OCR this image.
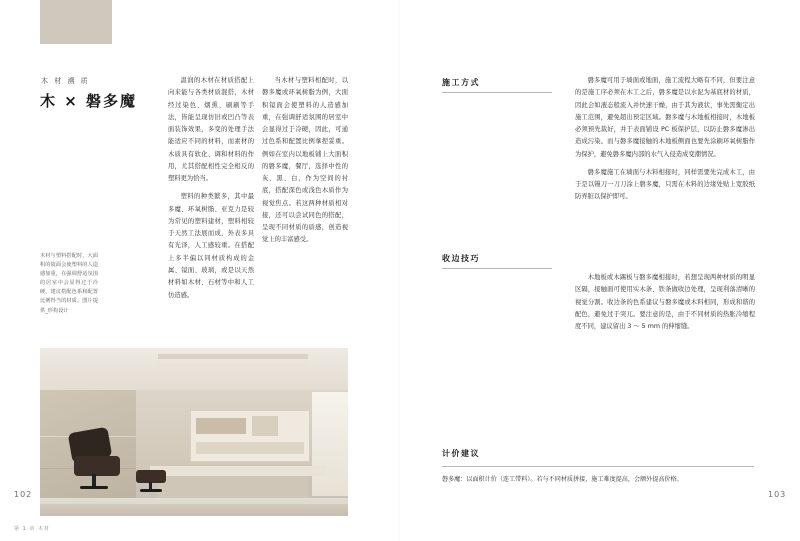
木 材 溯 质
木 × 磐多魔
木材与塑料搭配时，大面积的镜面会使塑料的人造感加重，在强调舒适氛围的居室中会显得过于冷硬，建议搭配色系和配置比例得当的材质。图片提供_形构设计

温润的木材在材质搭配上向来能与各类材质混搭，木材经过染色、烟熏、刷刷等手法，皆能呈现仿旧或凹凸等表面装饰效果，多变的处理手法能适应不同的材料，而素材的木质具有软化、调和材料的作用，尤其搭配相性完全相反的塑料更为恰当。

塑料的种类繁多，其中最多魔、环氧树脂、亚克力是较为常见的塑料建材，塑料相较于天然工法展而成，外表多具有光泽，人工感较重。在搭配上多半偏以同材质构成的金属、镜面、玻璃，或是以天然材料如木材、石材等中和人工仿造感。

当木材与塑料相配时，以磐多魔或环氧树脂为例，大面积镜面会使塑料的人造感加重，在强调舒适氛围的居室中会显得过于冷硬，因此，可通过色系和配置比例拿捏妥重。例如在室内以地板铺上大面积的磐多魔，餐厅，选择中性的灰、黑、白，作为空间的衬底，搭配深色或浅色木质作为视觉焦点。若这两种材质相对接，还可以尝试同色的搭配，呈现不同材质的质感，创造视觉上的丰富感受。

102
第 1 章 木材
施工方式	磐多魔可用于墙面或地面，施工流程大略有不同，但要注意的是施工序必须在木工之后，磐多魔是以水泥为基底材的材质，因此会如液态般流入并快速干燥，由于其为液状，事先需衡定出施工范围，避免超出预定区域。磐多魔与木地板相接时，木地板必须预先裁好，并于表面铺设 PC 板保护层，以防止磐多魔渗出造成污染。而与磐多魔接触的木地板侧面也要先涂刷环氧树脂作为保护，避免磐多魔内部的水气入侵造成变潮情况。

磐多魔施工在墙面与木料相接时，同样需要先完成木工，由于是以镘刀一刀刀涂上磐多魔，只需在木料的边缘处贴上宽胶纸防弄脏以保护即可。

收边技巧

木地板或木踢板与磐多魔相接时，若想呈现两种材质的明显区隔，接触面可使用实木条、铁条做收边处理，呈现利落清晰的视觉分割。收边条的色系建议与磐多魔或木料相同，形成和谐的配色，避免过于突兀。要注意的是，由于不同材质的热胀冷缩程度不同，建议留出 3 ～ 5 mm 的伸缩缝。

计价建议
磐多魔：以面积计价（连工带料）。若与不同材质拼接，施工难度提高，会额外提高价格。
103
